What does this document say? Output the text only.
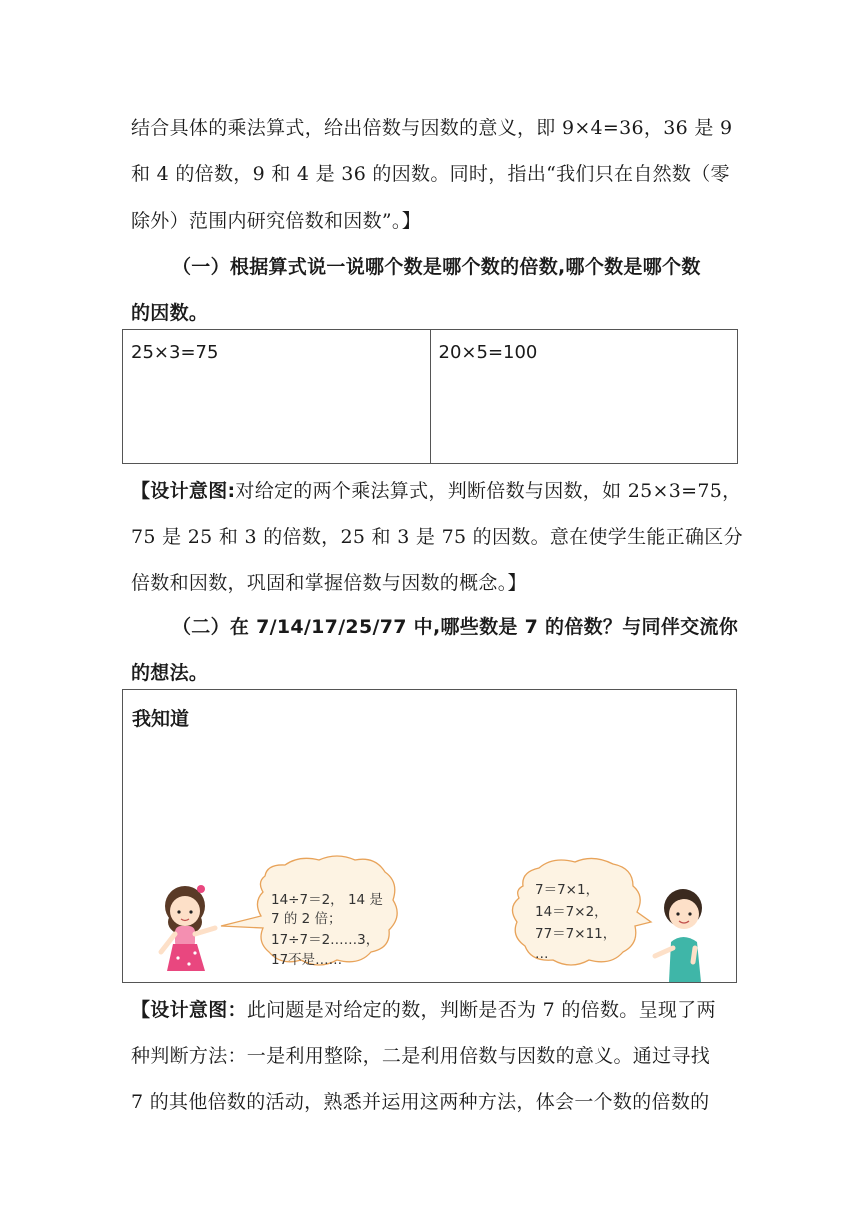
结合具体的乘法算式，给出倍数与因数的意义，即 9×4=36，36 是 9
和 4 的倍数，9 和 4 是 36 的因数。同时，指出“我们只在自然数（零
除外）范围内研究倍数和因数”。】
（一）根据算式说一说哪个数是哪个数的倍数,哪个数是哪个数
的因数。
25×3=75	20×5=100
【设计意图:对给定的两个乘法算式，判断倍数与因数，如 25×3=75，
75 是 25 和 3 的倍数，25 和 3 是 75 的因数。意在使学生能正确区分
倍数和因数，巩固和掌握倍数与因数的概念。】
（二）在 7/14/17/25/77 中,哪些数是 7 的倍数？与同伴交流你
的想法。
我知道
14÷7＝2， 14 是
7 的 2 倍；
17÷7＝2……3，
17不是……
7＝7×1，
14＝7×2，
77＝7×11，
…
【设计意图：此问题是对给定的数，判断是否为 7 的倍数。呈现了两
种判断方法：一是利用整除，二是利用倍数与因数的意义。通过寻找
7 的其他倍数的活动，熟悉并运用这两种方法，体会一个数的倍数的
